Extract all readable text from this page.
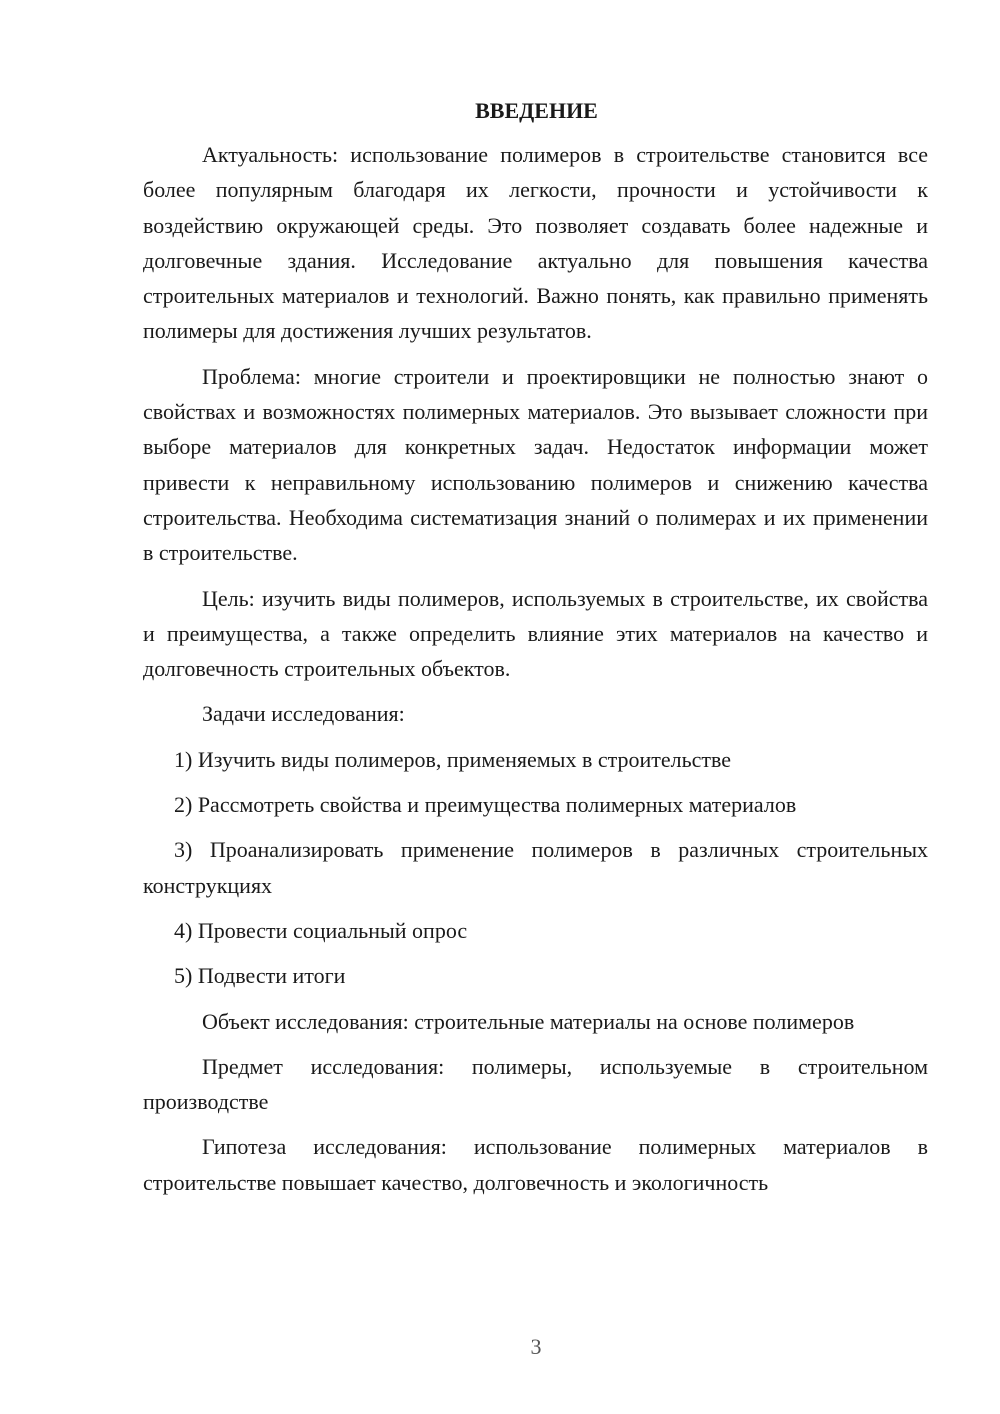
ВВЕДЕНИЕ

Актуальность: использование полимеров в строительстве становится все более популярным благодаря их легкости, прочности и устойчивости к воздействию окружающей среды. Это позволяет создавать более надежные и долговечные здания. Исследование актуально для повышения качества строительных материалов и технологий. Важно понять, как правильно применять полимеры для достижения лучших результатов.

Проблема: многие строители и проектировщики не полностью знают о свойствах и возможностях полимерных материалов. Это вызывает сложности при выборе материалов для конкретных задач. Недостаток информации может привести к неправильному использованию полимеров и снижению качества строительства. Необходима систематизация знаний о полимерах и их применении в строительстве.

Цель: изучить виды полимеров, используемых в строительстве, их свойства и преимущества, а также определить влияние этих материалов на качество и долговечность строительных объектов.

Задачи исследования:

1) Изучить виды полимеров, применяемых в строительстве

2) Рассмотреть свойства и преимущества полимерных материалов

3) Проанализировать применение полимеров в различных строительных конструкциях

4) Провести социальный опрос

5) Подвести итоги

Объект исследования: строительные материалы на основе полимеров

Предмет исследования: полимеры, используемые в строительном производстве

Гипотеза исследования: использование полимерных материалов в строительстве повышает качество, долговечность и экологичность

3
